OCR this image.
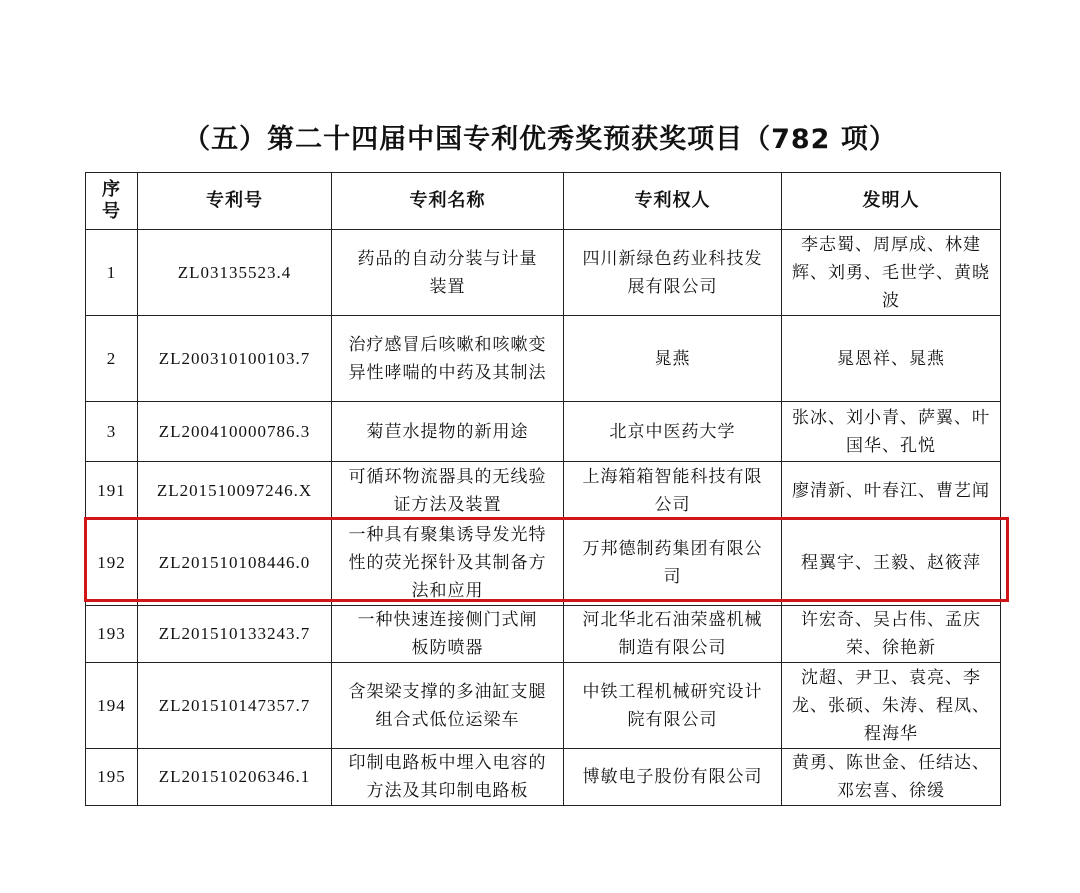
（五）第二十四届中国专利优秀奖预获奖项目（782 项）
序号	专利号	专利名称	专利权人	发明人
1	ZL03135523.4	药品的自动分装与计量装置	四川新绿色药业科技发展有限公司	李志蜀、周厚成、林建辉、刘勇、毛世学、黄晓波
2	ZL200310100103.7	治疗感冒后咳嗽和咳嗽变异性哮喘的中药及其制法	晁燕	晁恩祥、晁燕
3	ZL200410000786.3	菊苣水提物的新用途	北京中医药大学	张冰、刘小青、萨翼、叶国华、孔悦
191	ZL201510097246.X	可循环物流器具的无线验证方法及装置	上海箱箱智能科技有限公司	廖清新、叶春江、曹艺闻
192	ZL201510108446.0	一种具有聚集诱导发光特性的荧光探针及其制备方法和应用	万邦德制药集团有限公司	程翼宇、王毅、赵筱萍
193	ZL201510133243.7	一种快速连接侧门式闸板防喷器	河北华北石油荣盛机械制造有限公司	许宏奇、吴占伟、孟庆荣、徐艳新
194	ZL201510147357.7	含架梁支撑的多油缸支腿组合式低位运梁车	中铁工程机械研究设计院有限公司	沈超、尹卫、袁亮、李龙、张硕、朱涛、程凤、程海华
195	ZL201510206346.1	印制电路板中埋入电容的方法及其印制电路板	博敏电子股份有限公司	黄勇、陈世金、任结达、邓宏喜、徐缓
